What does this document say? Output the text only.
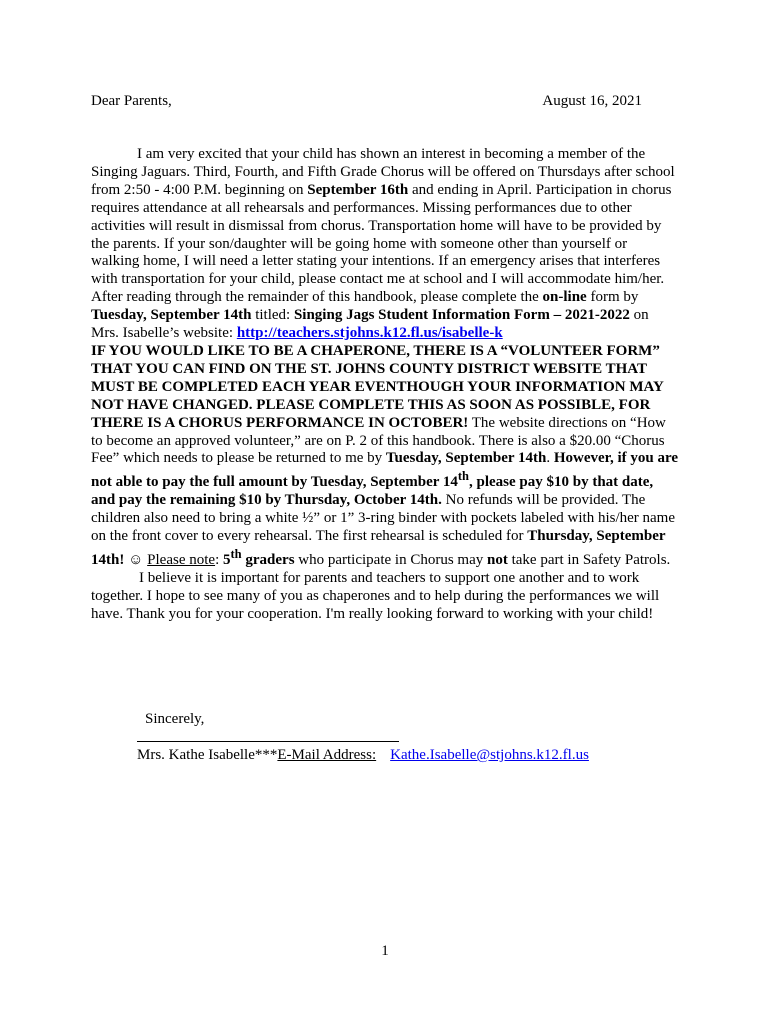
Dear Parents,	August 16, 2021

I am very excited that your child has shown an interest in becoming a member of the Singing Jaguars. Third, Fourth, and Fifth Grade Chorus will be offered on Thursdays after school from 2:50 - 4:00 P.M. beginning on September 16th and ending in April. Participation in chorus requires attendance at all rehearsals and performances. Missing performances due to other activities will result in dismissal from chorus. Transportation home will have to be provided by the parents. If your son/daughter will be going home with someone other than yourself or walking home, I will need a letter stating your intentions. If an emergency arises that interferes with transportation for your child, please contact me at school and I will accommodate him/her. After reading through the remainder of this handbook, please complete the on-line form by Tuesday, September 14th titled: Singing Jags Student Information Form – 2021-2022 on Mrs. Isabelle’s website: http://teachers.stjohns.k12.fl.us/isabelle-k
IF YOU WOULD LIKE TO BE A CHAPERONE, THERE IS A “VOLUNTEER FORM” THAT YOU CAN FIND ON THE ST. JOHNS COUNTY DISTRICT WEBSITE THAT MUST BE COMPLETED EACH YEAR EVENTHOUGH YOUR INFORMATION MAY NOT HAVE CHANGED. PLEASE COMPLETE THIS AS SOON AS POSSIBLE, FOR THERE IS A CHORUS PERFORMANCE IN OCTOBER! The website directions on “How to become an approved volunteer,” are on P. 2 of this handbook. There is also a $20.00 “Chorus Fee” which needs to please be returned to me by Tuesday, September 14th. However, if you are not able to pay the full amount by Tuesday, September 14th, please pay $10 by that date, and pay the remaining $10 by Thursday, October 14th. No refunds will be provided. The children also need to bring a white ½” or 1” 3-ring binder with pockets labeled with his/her name on the front cover to every rehearsal. The first rehearsal is scheduled for Thursday, September 14th! ☺ Please note: 5th graders who participate in Chorus may not take part in Safety Patrols.

I believe it is important for parents and teachers to support one another and to work together. I hope to see many of you as chaperones and to help during the performances we will have. Thank you for your cooperation. I'm really looking forward to working with your child!

Sincerely,
Mrs. Kathe Isabelle***E-Mail Address: Kathe.Isabelle@stjohns.k12.fl.us
1
